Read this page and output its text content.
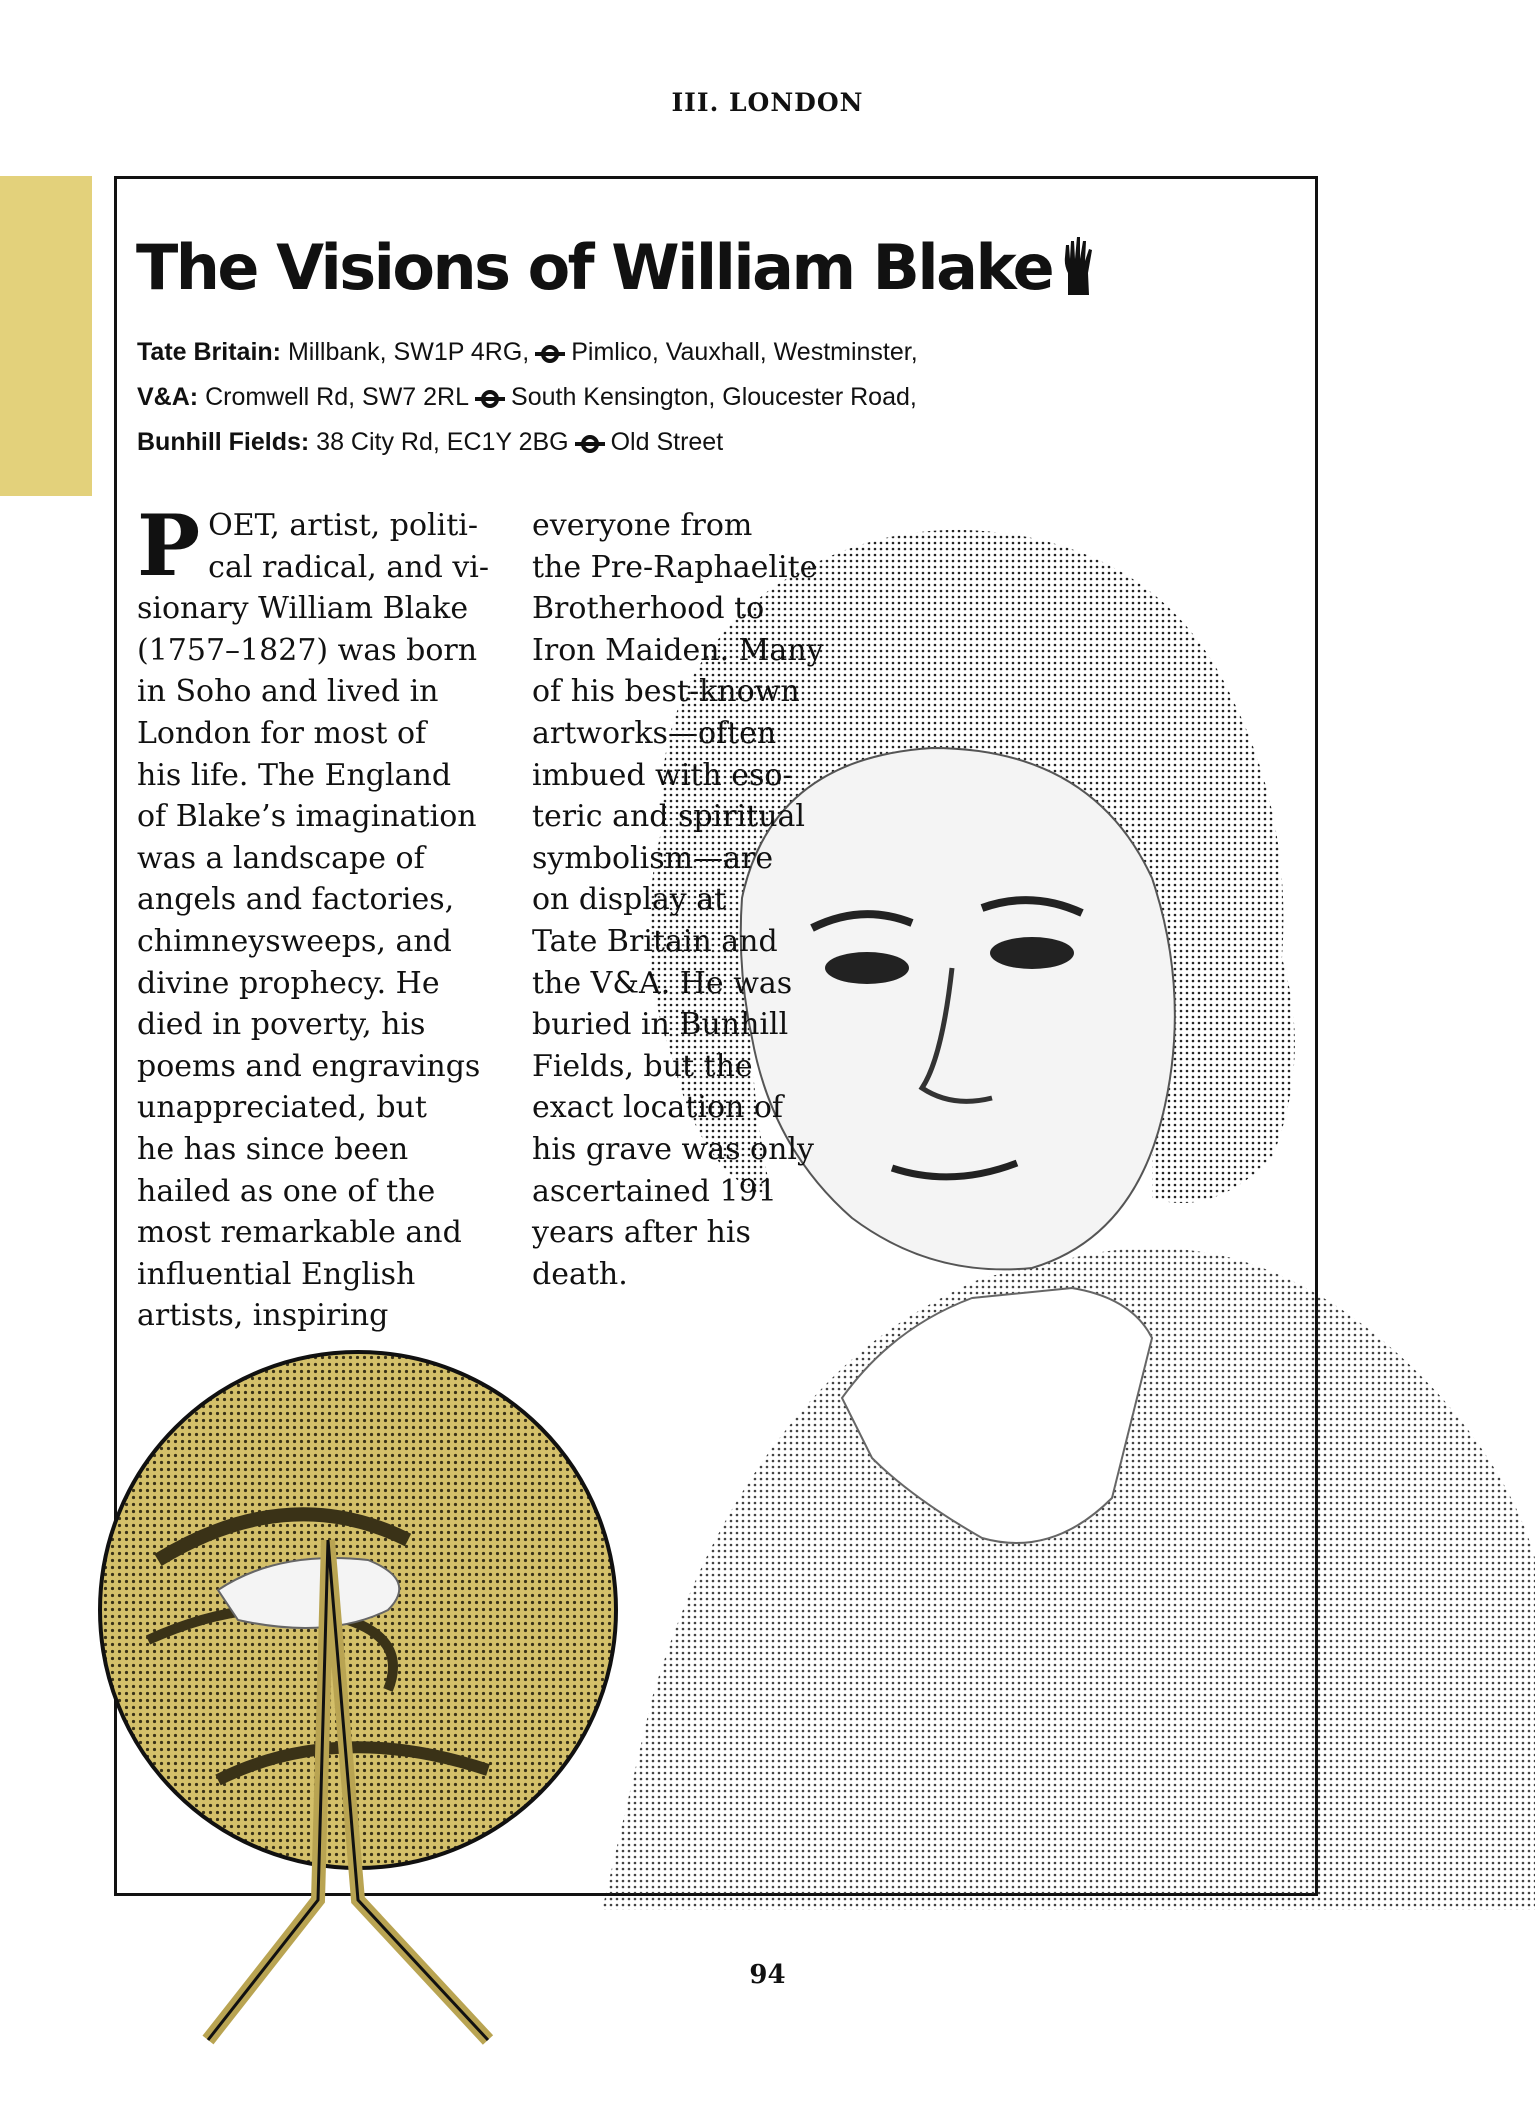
III. LONDON
The Visions of William Blake
Tate Britain: Millbank, SW1P 4RG, Pimlico, Vauxhall, Westminster,
V&A: Cromwell Rd, SW7 2RL South Kensington, Gloucester Road,
Bunhill Fields: 38 City Rd, EC1Y 2BG Old Street
POET, artist, politi-
cal radical, and vi-
sionary William Blake
(1757–1827) was born
in Soho and lived in
London for most of
his life. The England
of Blake’s imagination
was a landscape of
angels and factories,
chimneysweeps, and
divine prophecy. He
died in poverty, his
poems and engravings
unappreciated, but
he has since been
hailed as one of the
most remarkable and
influential English
artists, inspiring
everyone from
the Pre-Raphaelite
Brotherhood to
Iron Maiden. Many
of his best-known
artworks—often
imbued with eso-
teric and spiritual
symbolism—are
on display at
Tate Britain and
the V&A. He was
buried in Bunhill
Fields, but the
exact location of
his grave was only
ascertained 191
years after his
death.
94
